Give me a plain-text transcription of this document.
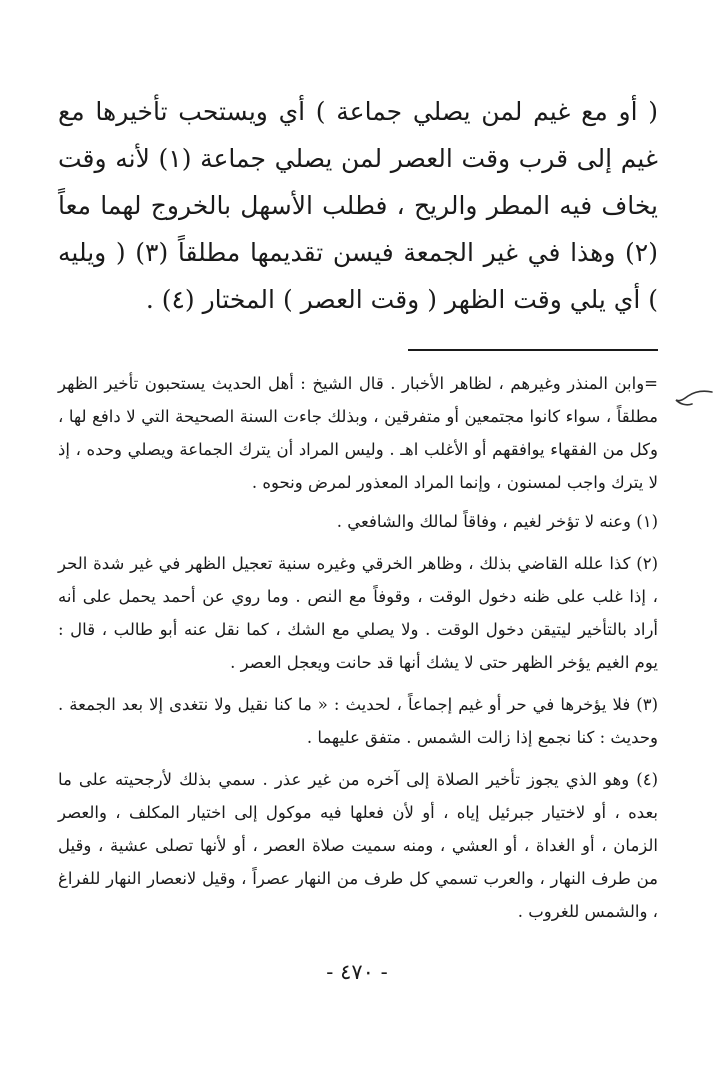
( أو مع غيم لمن يصلي جماعة ) أي ويستحب تأخيرها مع غيم إلى قرب وقت العصر لمن يصلي جماعة (١) لأنه وقت يخاف فيه المطر والريح ، فطلب الأسهل بالخروج لهما معاً (٢) وهذا في غير الجمعة فيسن تقديمها مطلقاً (٣) ( ويليه ) أي يلي وقت الظهر ( وقت العصر ) المختار (٤) .

=وابن المنذر وغيرهم ، لظاهر الأخبار . قال الشيخ : أهل الحديث يستحبون تأخير الظهر مطلقاً ، سواء كانوا مجتمعين أو متفرقين ، وبذلك جاءت السنة الصحيحة التي لا دافع لها ، وكل من الفقهاء يوافقهم أو الأغلب اهـ . وليس المراد أن يترك الجماعة ويصلي وحده ، إذ لا يترك واجب لمسنون ، وإنما المراد المعذور لمرض ونحوه .

(١) وعنه لا تؤخر لغيم ، وفاقاً لمالك والشافعي .

(٢) كذا علله القاضي بذلك ، وظاهر الخرقي وغيره سنية تعجيل الظهر في غير شدة الحر ، إذا غلب على ظنه دخول الوقت ، وقوفاً مع النص . وما روي عن أحمد يحمل على أنه أراد بالتأخير ليتيقن دخول الوقت . ولا يصلي مع الشك ، كما نقل عنه أبو طالب ، قال : يوم الغيم يؤخر الظهر حتى لا يشك أنها قد حانت ويعجل العصر .

(٣) فلا يؤخرها في حر أو غيم إجماعاً ، لحديث : « ما كنا نقيل ولا نتغدى إلا بعد الجمعة . وحديث : كنا نجمع إذا زالت الشمس . متفق عليهما .

(٤) وهو الذي يجوز تأخير الصلاة إلى آخره من غير عذر . سمي بذلك لأرجحيته على ما بعده ، أو لاختيار جبرئيل إياه ، أو لأن فعلها فيه موكول إلى اختيار المكلف ، والعصر الزمان ، أو الغداة ، أو العشي ، ومنه سميت صلاة العصر ، أو لأنها تصلى عشية ، وقيل من طرف النهار ، والعرب تسمي كل طرف من النهار عصراً ، وقيل لانعصار النهار للفراغ ، والشمس للغروب .

- ٤٧٠ -
